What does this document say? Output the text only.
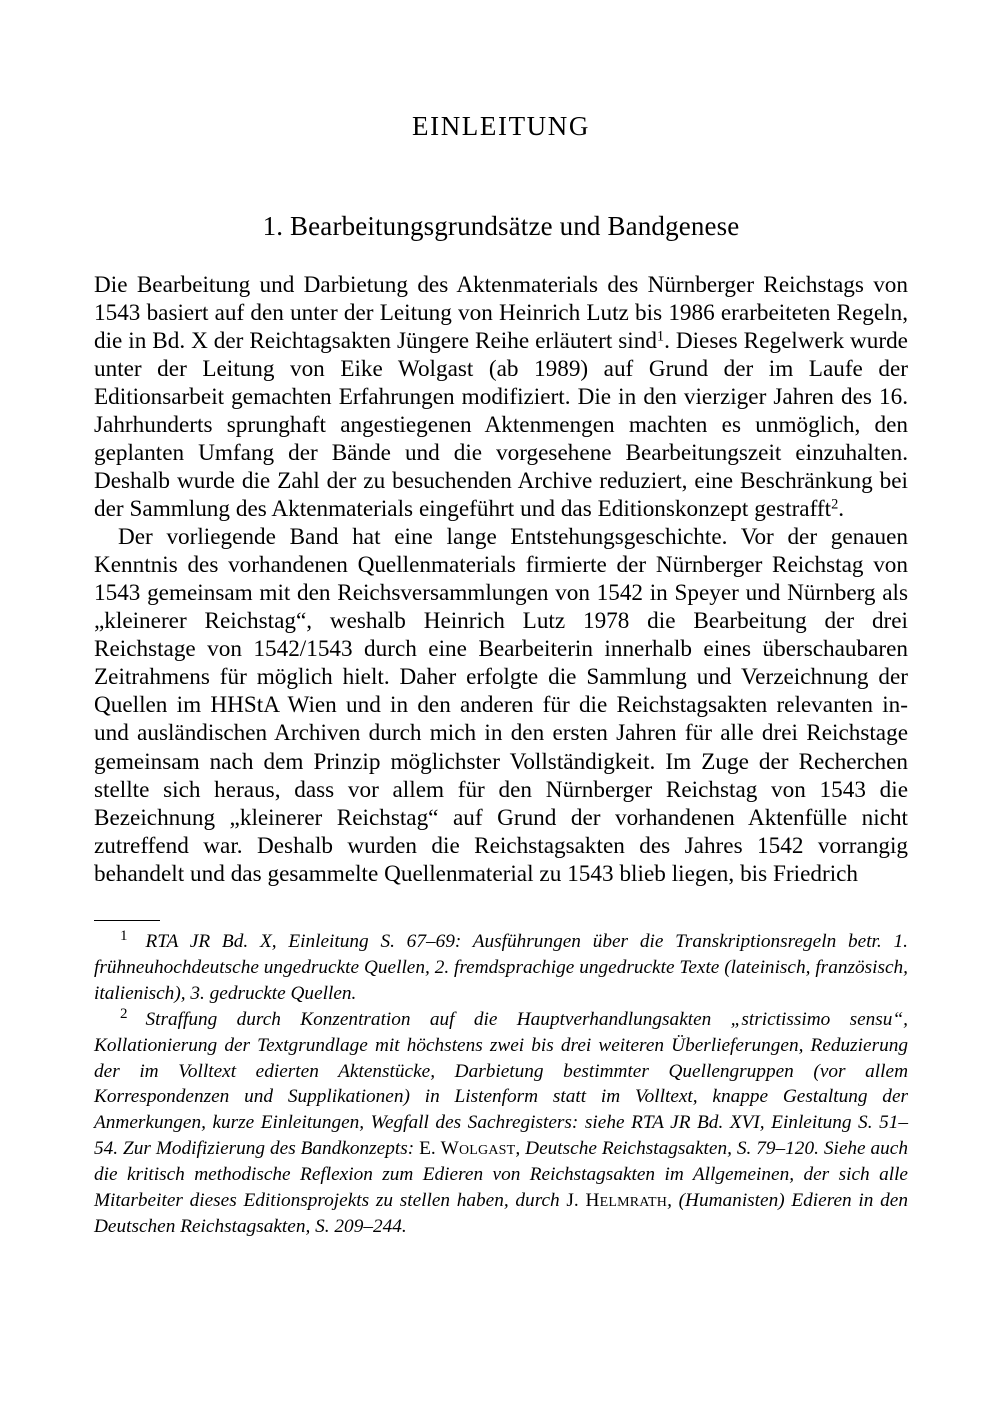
EINLEITUNG
1. Bearbeitungsgrundsätze und Bandgenese

Die Bearbeitung und Darbietung des Aktenmaterials des Nürnberger Reichstags von 1543 basiert auf den unter der Leitung von Heinrich Lutz bis 1986 erarbeiteten Regeln, die in Bd. X der Reichtagsakten Jüngere Reihe erläutert sind$^1$. Dieses Regelwerk wurde unter der Leitung von Eike Wolgast (ab 1989) auf Grund der im Laufe der Editionsarbeit gemachten Erfahrungen modifiziert. Die in den vierziger Jahren des 16. Jahrhunderts sprunghaft angestiegenen Aktenmengen machten es unmöglich, den geplanten Umfang der Bände und die vorgesehene Bearbeitungszeit einzuhalten. Deshalb wurde die Zahl der zu besuchenden Archive reduziert, eine Beschränkung bei der Sammlung des Aktenmaterials eingeführt und das Editionskonzept gestrafft$^2$.

Der vorliegende Band hat eine lange Entstehungsgeschichte. Vor der genauen Kenntnis des vorhandenen Quellenmaterials firmierte der Nürnberger Reichstag von 1543 gemeinsam mit den Reichsversammlungen von 1542 in Speyer und Nürnberg als „kleinerer Reichstag“, weshalb Heinrich Lutz 1978 die Bearbeitung der drei Reichstage von 1542/1543 durch eine Bearbeiterin innerhalb eines überschaubaren Zeitrahmens für möglich hielt. Daher erfolgte die Sammlung und Verzeichnung der Quellen im HHStA Wien und in den anderen für die Reichstagsakten relevanten in- und ausländischen Archiven durch mich in den ersten Jahren für alle drei Reichstage gemeinsam nach dem Prinzip möglichster Vollständigkeit. Im Zuge der Recherchen stellte sich heraus, dass vor allem für den Nürnberger Reichstag von 1543 die Bezeichnung „kleinerer Reichstag“ auf Grund der vorhandenen Aktenfülle nicht zutreffend war. Deshalb wurden die Reichstagsakten des Jahres 1542 vorrangig behandelt und das gesammelte Quellenmaterial zu 1543 blieb liegen, bis Friedrich

$^1$ RTA JR Bd. X, Einleitung S. 67–69: Ausführungen über die Transkriptionsregeln betr. 1. frühneuhochdeutsche ungedruckte Quellen, 2. fremdsprachige ungedruckte Texte (lateinisch, französisch, italienisch), 3. gedruckte Quellen.

$^2$ Straffung durch Konzentration auf die Hauptverhandlungsakten „strictissimo sensu“, Kollationierung der Textgrundlage mit höchstens zwei bis drei weiteren Überlieferungen, Reduzierung der im Volltext edierten Aktenstücke, Darbietung bestimmter Quellengruppen (vor allem Korrespondenzen und Supplikationen) in Listenform statt im Volltext, knappe Gestaltung der Anmerkungen, kurze Einleitungen, Wegfall des Sachregisters: siehe RTA JR Bd. XVI, Einleitung S. 51–54. Zur Modifizierung des Bandkonzepts: E. Wolgast, Deutsche Reichstagsakten, S. 79–120. Siehe auch die kritisch methodische Reflexion zum Edieren von Reichstagsakten im Allgemeinen, der sich alle Mitarbeiter dieses Editionsprojekts zu stellen haben, durch J. Helmrath, (Humanisten) Edieren in den Deutschen Reichstagsakten, S. 209–244.
